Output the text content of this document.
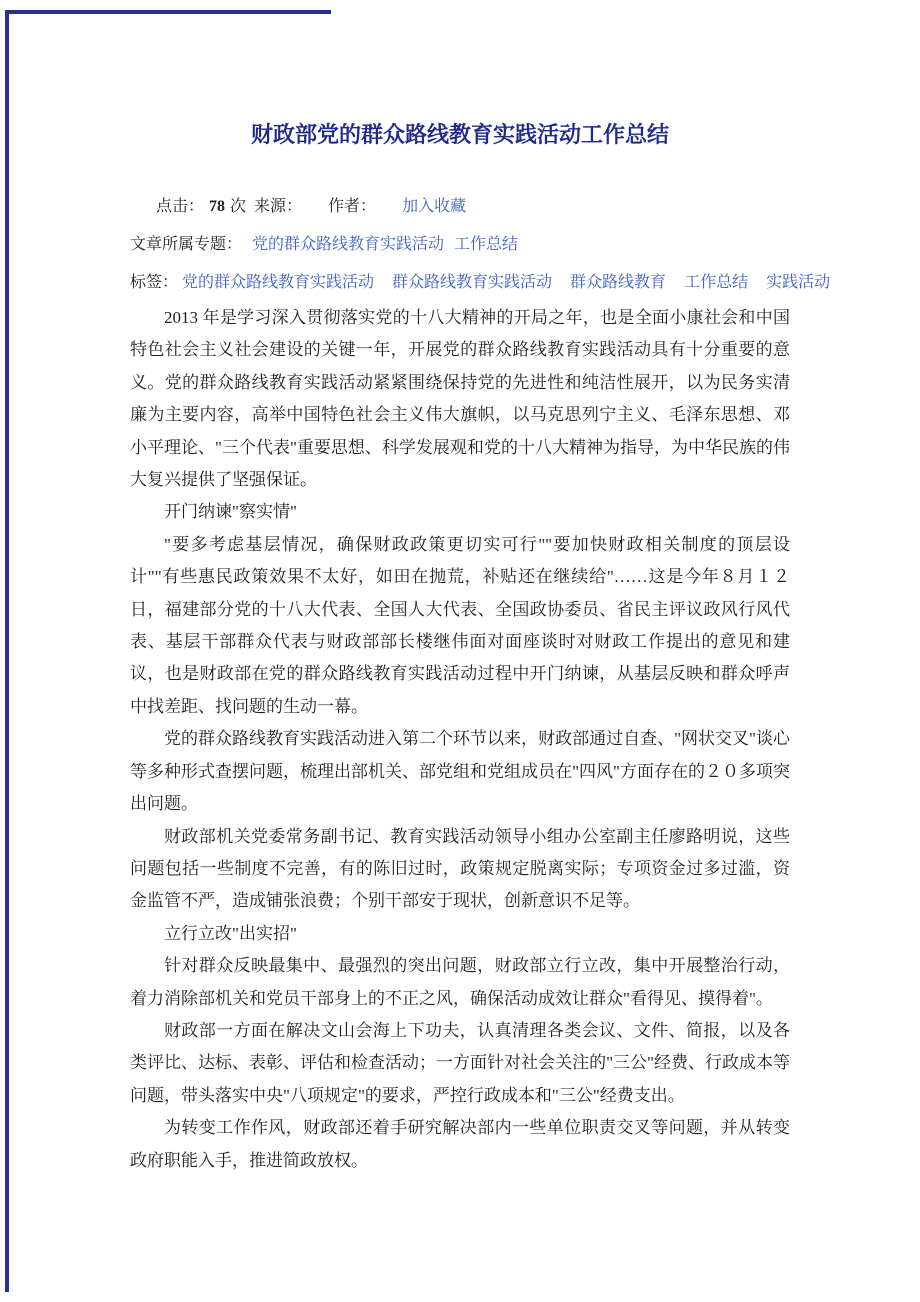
财政部党的群众路线教育实践活动工作总结
点击： 78 次 来源： 作者： 加入收藏
文章所属专题： 党的群众路线教育实践活动 工作总结
标签： 党的群众路线教育实践活动 群众路线教育实践活动 群众路线教育 工作总结 实践活动

2013 年是学习深入贯彻落实党的十八大精神的开局之年，也是全面小康社会和中国特色社会主义社会建设的关键一年，开展党的群众路线教育实践活动具有十分重要的意义。党的群众路线教育实践活动紧紧围绕保持党的先进性和纯洁性展开，以为民务实清廉为主要内容，高举中国特色社会主义伟大旗帜，以马克思列宁主义、毛泽东思想、邓小平理论、"三个代表"重要思想、科学发展观和党的十八大精神为指导，为中华民族的伟大复兴提供了坚强保证。

开门纳谏"察实情"

"要多考虑基层情况，确保财政政策更切实可行""要加快财政相关制度的顶层设计""有些惠民政策效果不太好，如田在抛荒，补贴还在继续给"……这是今年８月１２日，福建部分党的十八大代表、全国人大代表、全国政协委员、省民主评议政风行风代表、基层干部群众代表与财政部部长楼继伟面对面座谈时对财政工作提出的意见和建议，也是财政部在党的群众路线教育实践活动过程中开门纳谏，从基层反映和群众呼声中找差距、找问题的生动一幕。

党的群众路线教育实践活动进入第二个环节以来，财政部通过自查、"网状交叉"谈心等多种形式查摆问题，梳理出部机关、部党组和党组成员在"四风"方面存在的２０多项突出问题。

财政部机关党委常务副书记、教育实践活动领导小组办公室副主任廖路明说，这些问题包括一些制度不完善，有的陈旧过时，政策规定脱离实际；专项资金过多过滥，资金监管不严，造成铺张浪费；个别干部安于现状，创新意识不足等。

立行立改"出实招"

针对群众反映最集中、最强烈的突出问题，财政部立行立改，集中开展整治行动，着力消除部机关和党员干部身上的不正之风，确保活动成效让群众"看得见、摸得着"。

财政部一方面在解决文山会海上下功夫，认真清理各类会议、文件、简报，以及各类评比、达标、表彰、评估和检查活动；一方面针对社会关注的"三公"经费、行政成本等问题，带头落实中央"八项规定"的要求，严控行政成本和"三公"经费支出。

为转变工作作风，财政部还着手研究解决部内一些单位职责交叉等问题，并从转变政府职能入手，推进简政放权。
